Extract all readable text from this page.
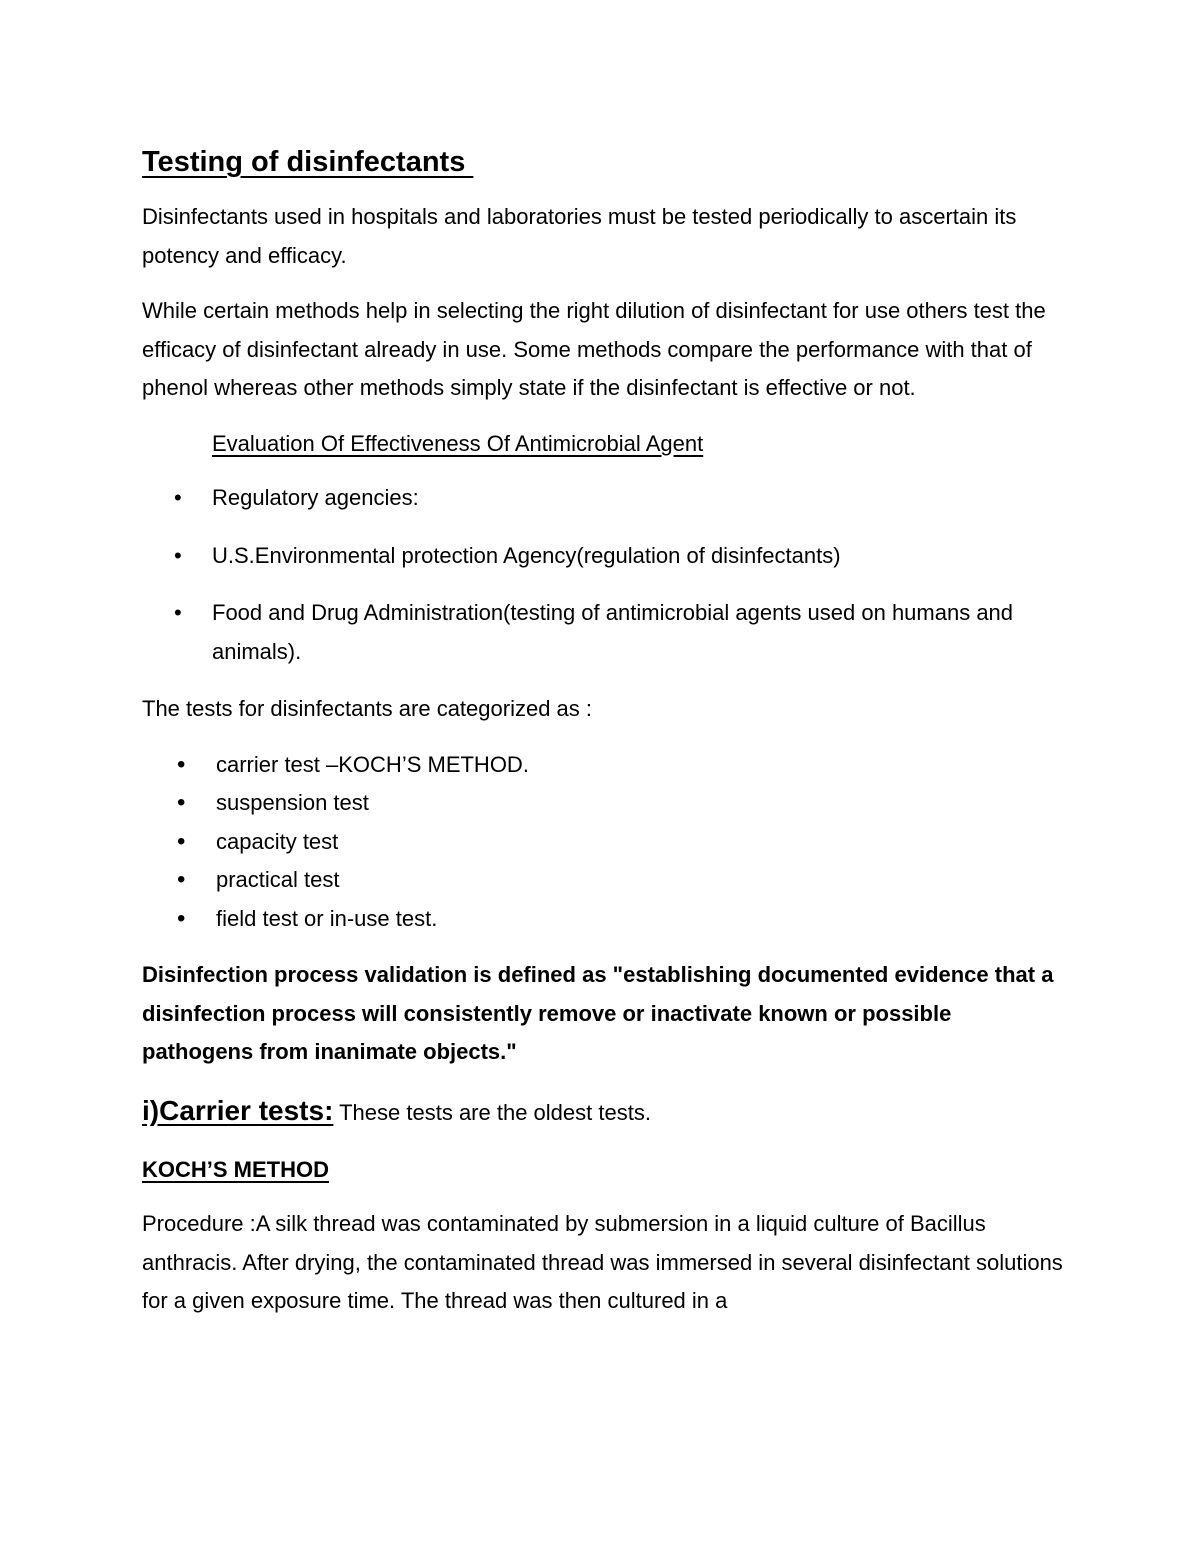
Testing of disinfectants

Disinfectants used in hospitals and laboratories must be tested periodically to ascertain its potency and efficacy.

While certain methods help in selecting the right dilution of disinfectant for use others test the efficacy of disinfectant already in use. Some methods compare the performance with that of phenol whereas other methods simply state if the disinfectant is effective or not.

Evaluation Of Effectiveness Of Antimicrobial Agent

• Regulatory agencies:
• U.S.Environmental protection Agency(regulation of disinfectants)
• Food and Drug Administration(testing of antimicrobial agents used on humans and animals).

The tests for disinfectants are categorized as :

• carrier test –KOCH’S METHOD.
• suspension test
• capacity test
• practical test
• field test or in-use test.

Disinfection process validation is defined as "establishing documented evidence that a disinfection process will consistently remove or inactivate known or possible pathogens from inanimate objects."

i)Carrier tests: These tests are the oldest tests.

KOCH’S METHOD

Procedure :A silk thread was contaminated by submersion in a liquid culture of Bacillus anthracis. After drying, the contaminated thread was immersed in several disinfectant solutions for a given exposure time. The thread was then cultured in a
